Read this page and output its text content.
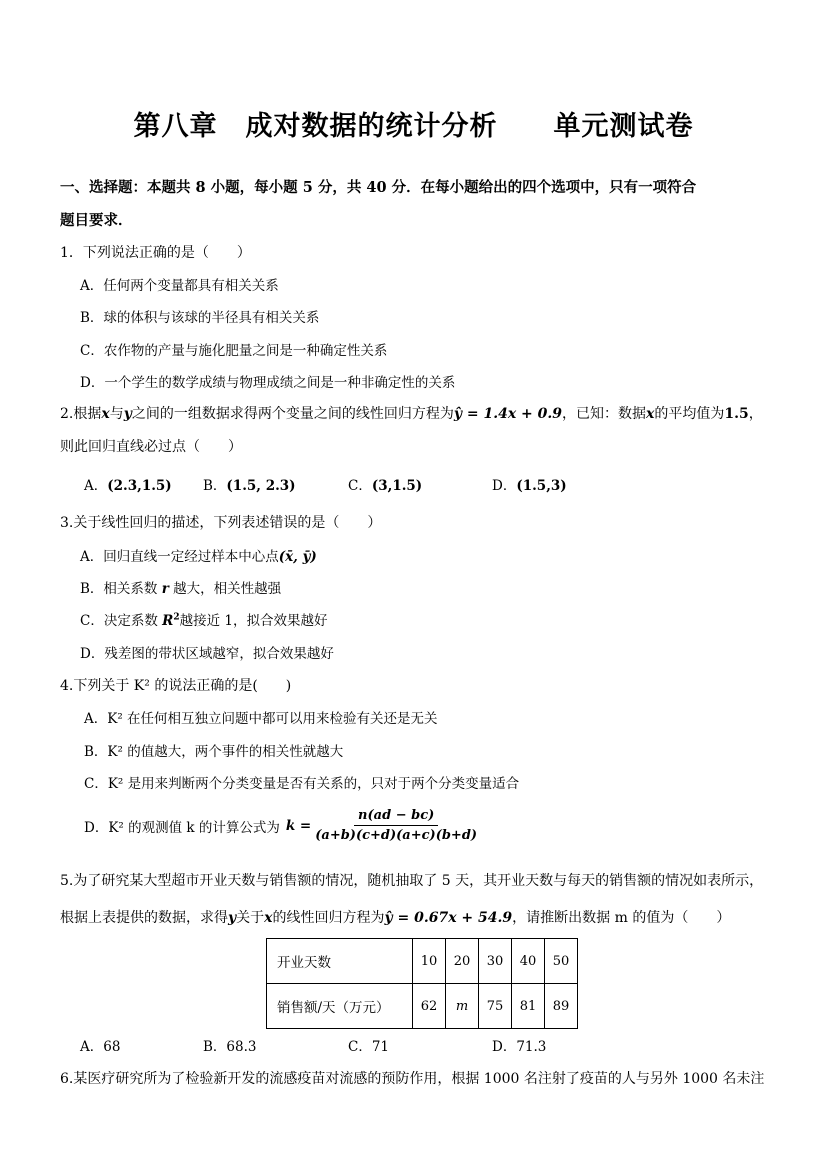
第八章　成对数据的统计分析　　单元测试卷
一、选择题：本题共 8 小题，每小题 5 分，共 40 分．在每小题给出的四个选项中，只有一项符合
题目要求．
1．下列说法正确的是（　　）
A．任何两个变量都具有相关关系
B．球的体积与该球的半径具有相关关系
C．农作物的产量与施化肥量之间是一种确定性关系
D．一个学生的数学成绩与物理成绩之间是一种非确定性的关系
2.根据x与y之间的一组数据求得两个变量之间的线性回归方程为ŷ = 1.4x + 0.9，已知：数据x的平均值为1.5，
则此回归直线必过点（　　）
A．(2.3,1.5) B．(1.5, 2.3)	C．(3,1.5)	D．(1.5,3)
3.关于线性回归的描述，下列表述错误的是（　　）
A．回归直线一定经过样本中心点(x̄, ȳ)
B．相关系数 r 越大，相关性越强
C．决定系数 $R^2$越接近 1，拟合效果越好
D．残差图的带状区域越窄，拟合效果越好
4.下列关于 K² 的说法正确的是(　　)
A．K² 在任何相互独立问题中都可以用来检验有关还是无关
B．K² 的值越大，两个事件的相关性就越大
C．K² 是用来判断两个分类变量是否有关系的，只对于两个分类变量适合
D．K² 的观测值 k 的计算公式为 $k = \frac{n(ad - bc)}{(a+b)(c+d)(a+c)(b+d)}$
5.为了研究某大型超市开业天数与销售额的情况，随机抽取了 5 天，其开业天数与每天的销售额的情况如表所示，
根据上表提供的数据，求得y关于x的线性回归方程为ŷ = 0.67x + 54.9，请推断出数据 m 的值为（　　）
开业天数	10	20	30	40	50
销售额/天（万元）	62	m	75	81	89
A．68	B．68.3	C．71	D．71.3
6.某医疗研究所为了检验新开发的流感疫苗对流感的预防作用，根据 1000 名注射了疫苗的人与另外 1000 名未注
